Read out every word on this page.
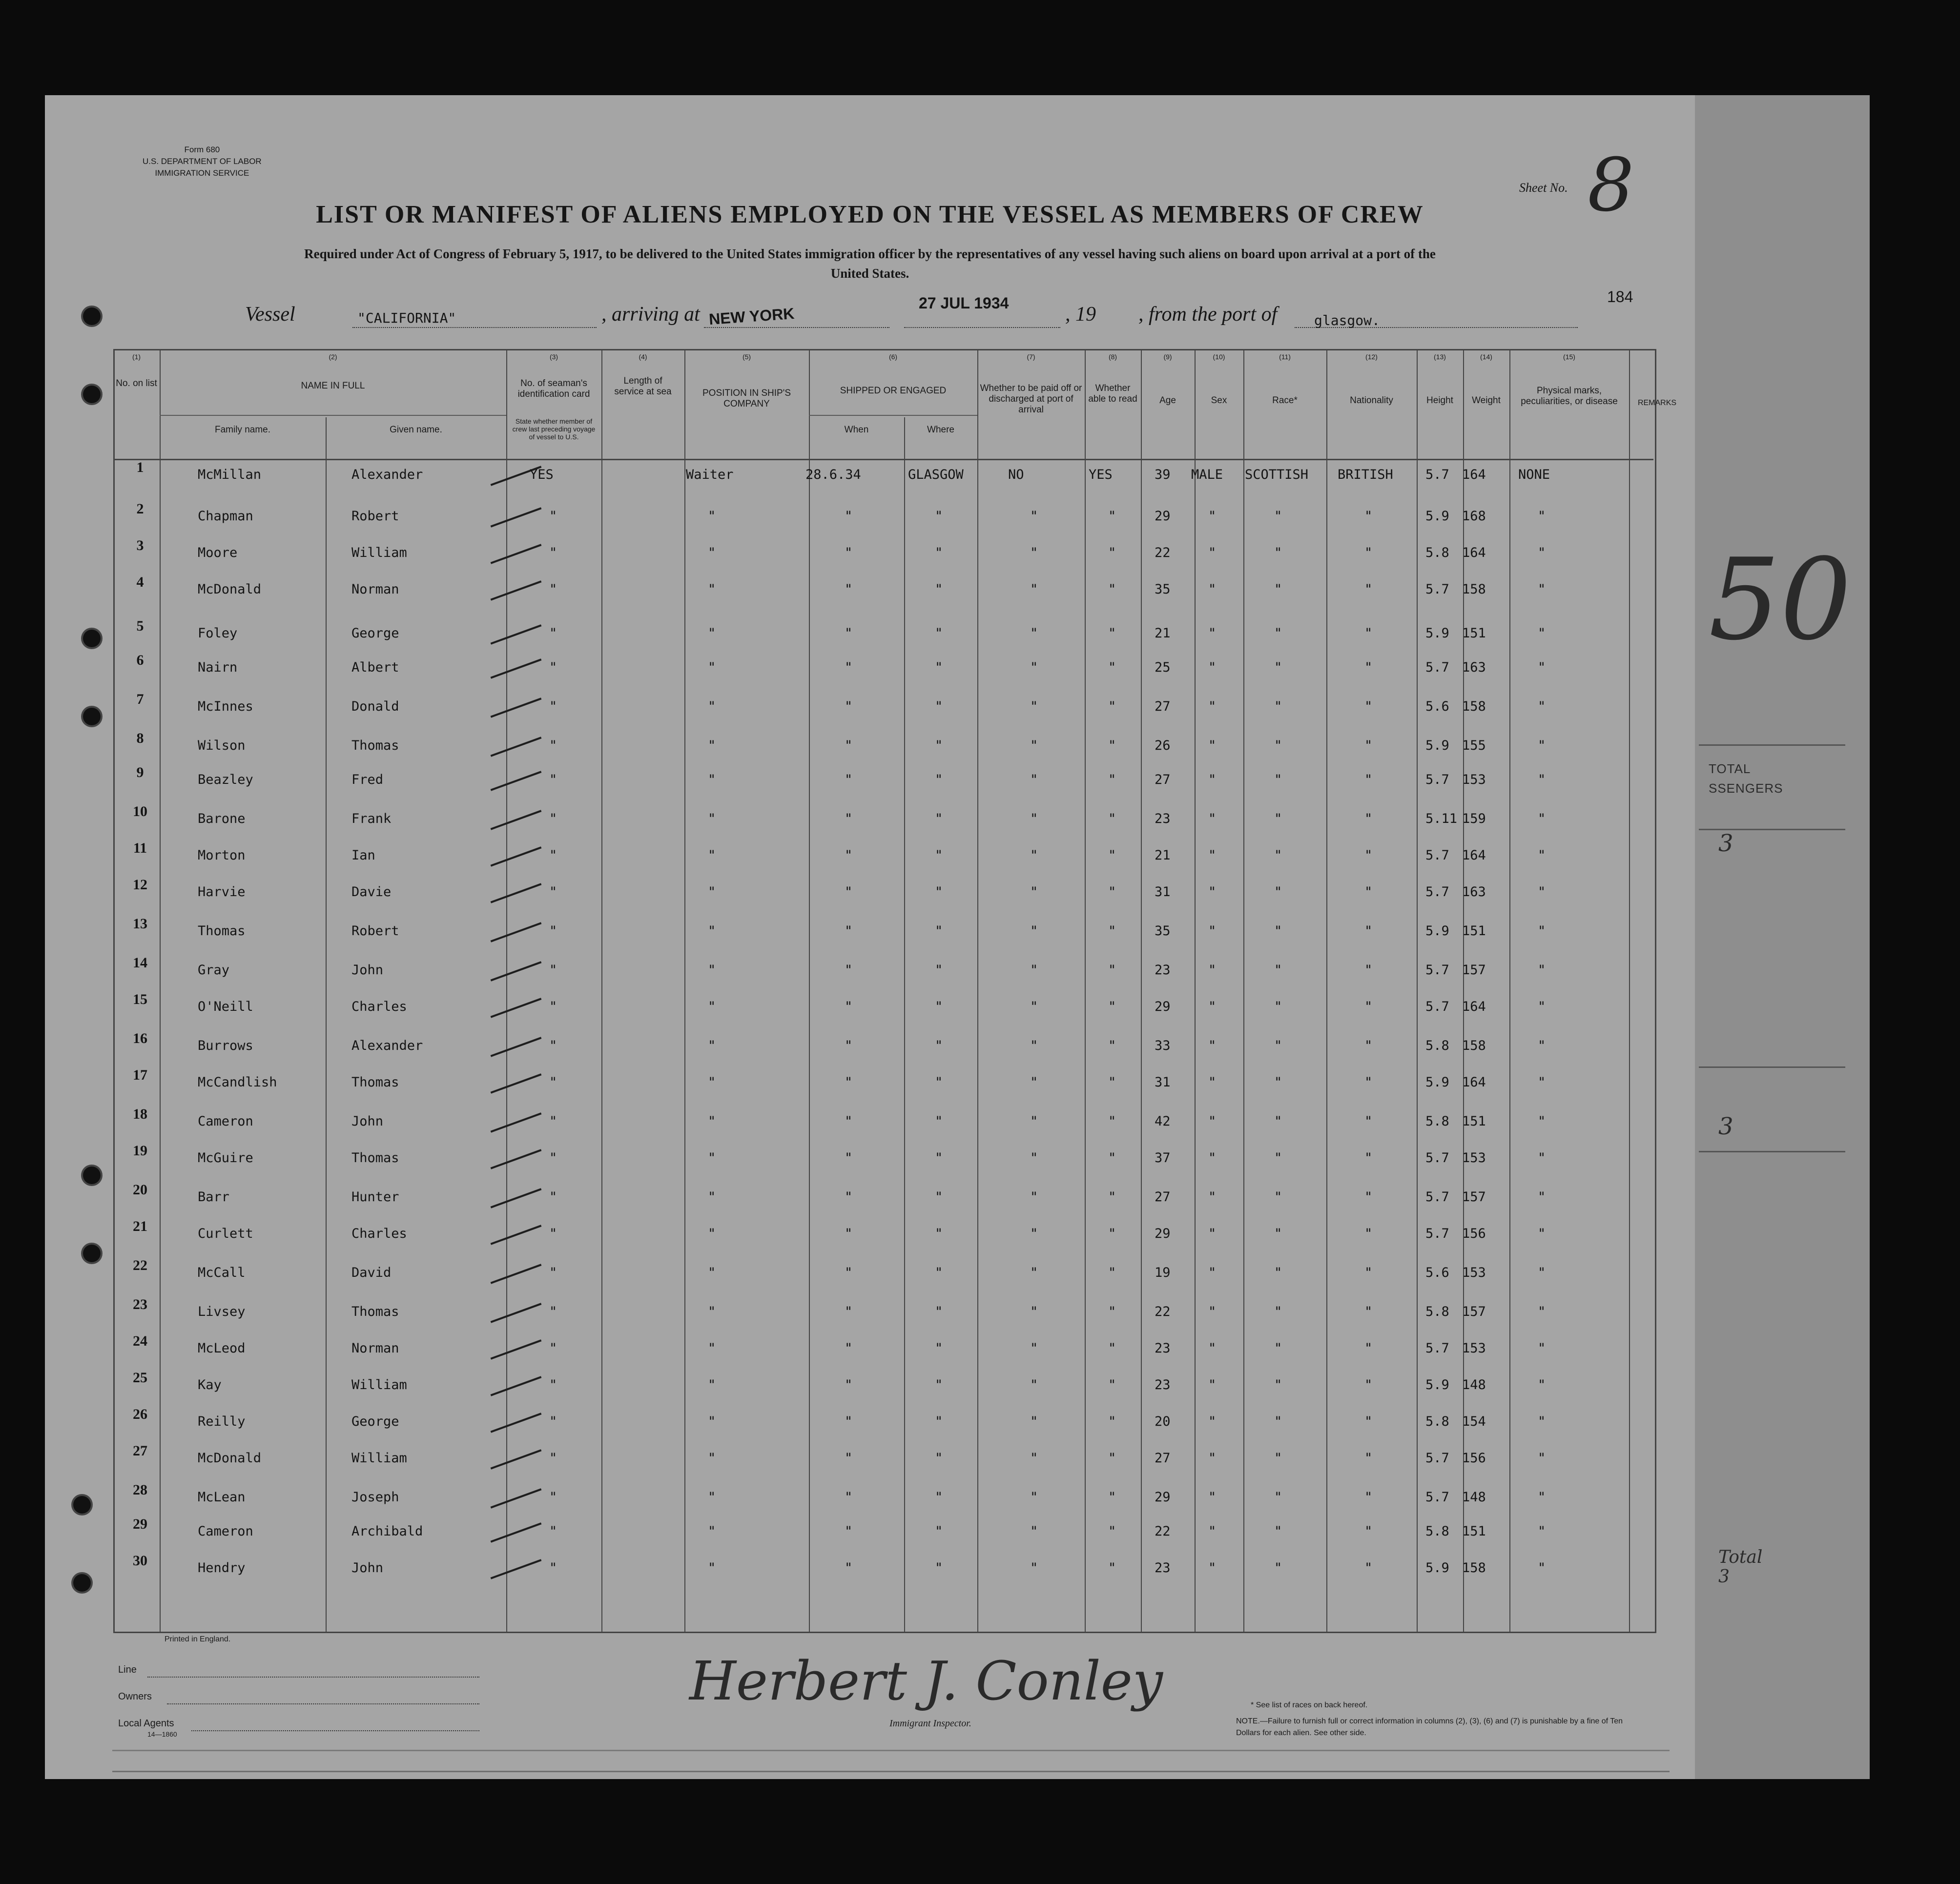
50
TOTAL
SSENGERS
3
3
Total
3
Form 680
U.S. DEPARTMENT OF LABOR
IMMIGRATION SERVICE
Sheet No. 8
LIST OR MANIFEST OF ALIENS EMPLOYED ON THE VESSEL AS MEMBERS OF CREW
Required under Act of Congress of February 5, 1917, to be delivered to the United States immigration officer by the representatives of any vessel having such aliens on board upon arrival at a port of the United States.
Vessel	"CALIFORNIA"	, arriving at NEW YORK
27 JUL 1934	, 19 , from the port of	glasgow.
184
(1)	(2)	(3)	(4)	(5)	(6)	(7)	(8)	(9)	(10)	(11)	(12)	(13)	(14)	(15)
No. on list	NAME IN FULL
Family name.	Given name.
No. of seaman's identification card
State whether member of crew last preceding voyage of vessel to U.S.
Length of service at sea	POSITION IN SHIP'S COMPANY
SHIPPED OR ENGAGED
When	Where
Whether to be paid off or discharged at port of arrival
Whether able to read	Age	Sex	Race*	Nationality	Height	Weight
Physical marks, peculiarities, or disease	REMARKS
1	McMillan	Alexander	YES	Waiter	28.6.34	GLASGOW	NO	YES	39 MALE SCOTTISH BRITISH 5.7 164 NONE
2	Chapman	Robert	"	"	"	"	"	"	29	"	"	"	5.9 168	"
3	Moore	William	"	"	"	"	"	"	22	"	"	"	5.8 164	"
4	McDonald	Norman	"	"	"	"	"	"	35	"	"	"	5.7 158	"
5	Foley	George	"	"	"	"	"	"	21	"	"	"	5.9 151	"
6	Nairn	Albert	"	"	"	"	"	"	25	"	"	"	5.7 163	"
7	McInnes	Donald	"	"	"	"	"	"	27	"	"	"	5.6 158	"
8	Wilson	Thomas	"	"	"	"	"	"	26	"	"	"	5.9 155	"
9	Beazley	Fred	"	"	"	"	"	"	27	"	"	"	5.7 153	"
10	Barone	Frank	"	"	"	"	"	"	23	"	"	"	5.11 159	"
11	Morton	Ian	"	"	"	"	"	"	21	"	"	"	5.7 164	"
12	Harvie	Davie	"	"	"	"	"	"	31	"	"	"	5.7 163	"
13	Thomas	Robert	"	"	"	"	"	"	35	"	"	"	5.9 151	"
14	Gray	John	"	"	"	"	"	"	23	"	"	"	5.7 157	"
15	O'Neill	Charles	"	"	"	"	"	"	29	"	"	"	5.7 164	"
16	Burrows	Alexander	"	"	"	"	"	"	33	"	"	"	5.8 158	"
17	McCandlish	Thomas	"	"	"	"	"	"	31	"	"	"	5.9 164	"
18	Cameron	John	"	"	"	"	"	"	42	"	"	"	5.8 151	"
19	McGuire	Thomas	"	"	"	"	"	"	37	"	"	"	5.7 153	"
20	Barr	Hunter	"	"	"	"	"	"	27	"	"	"	5.7 157	"
21	Curlett	Charles	"	"	"	"	"	"	29	"	"	"	5.7 156	"
22	McCall	David	"	"	"	"	"	"	19	"	"	"	5.6 153	"
23	Livsey	Thomas	"	"	"	"	"	"	22	"	"	"	5.8 157	"
24	McLeod	Norman	"	"	"	"	"	"	23	"	"	"	5.7 153	"
25	Kay	William	"	"	"	"	"	"	23	"	"	"	5.9 148	"
26	Reilly	George	"	"	"	"	"	"	20	"	"	"	5.8 154	"
27	McDonald	William	"	"	"	"	"	"	27	"	"	"	5.7 156	"
28	McLean	Joseph	"	"	"	"	"	"	29	"	"	"	5.7 148	"
29	Cameron	Archibald	"	"	"	"	"	"	22	"	"	"	5.8 151	"
30	Hendry	John	"	"	"	"	"	"	23	"	"	"	5.9 158	"
Printed in England.
Line
Owners
Local Agents
14—1860
Herbert J. Conley
Immigrant Inspector.
* See list of races on back hereof.
NOTE.—Failure to furnish full or correct information in columns (2), (3), (6) and (7) is punishable by a fine of Ten Dollars for each alien. See other side.
